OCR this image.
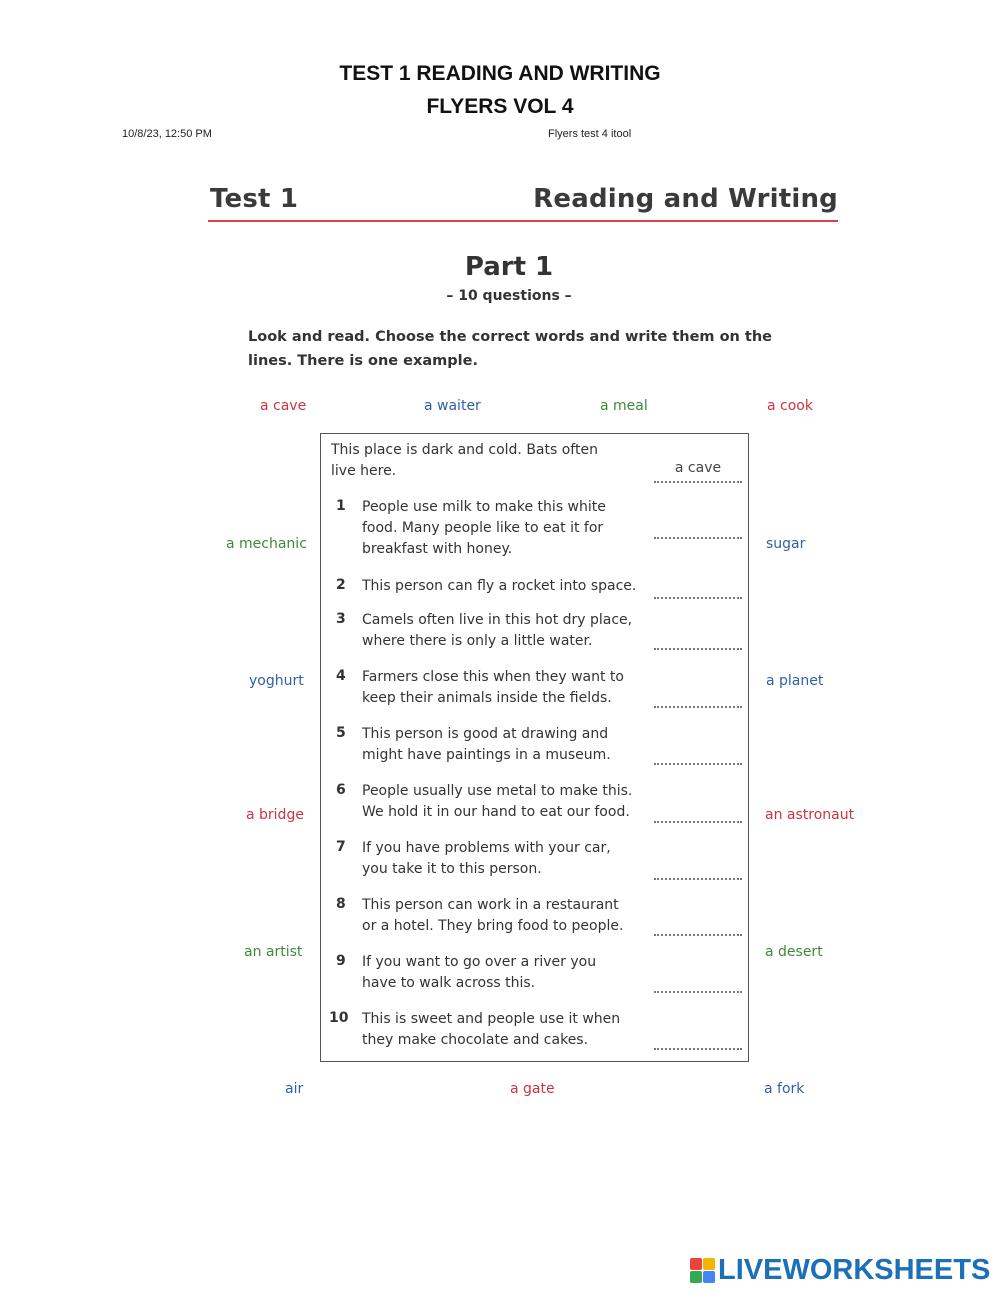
TEST 1 READING AND WRITING
FLYERS VOL 4
10/8/23, 12:50 PM	Flyers test 4 itool
Test 1	Reading and Writing
Part 1
– 10 questions –
Look and read. Choose the correct words and write them on the lines. There is one example.
a cave	a waiter	a meal	a cook
a mechanic	sugar
yoghurt	a planet
a bridge	an astronaut
an artist	a desert
air	a gate	a fork
This place is dark and cold. Bats often
live here.	a cave
1 People use milk to make this white
food. Many people like to eat it for
breakfast with honey.
2 This person can fly a rocket into space.
3 Camels often live in this hot dry place,
where there is only a little water.
4 Farmers close this when they want to
keep their animals inside the fields.
5 This person is good at drawing and
might have paintings in a museum.
6 People usually use metal to make this.
We hold it in our hand to eat our food.
7 If you have problems with your car,
you take it to this person.
8 This person can work in a restaurant
or a hotel. They bring food to people.
9 If you want to go over a river you
have to walk across this.
10 This is sweet and people use it when
they make chocolate and cakes.
LIVEWORKSHEETS
